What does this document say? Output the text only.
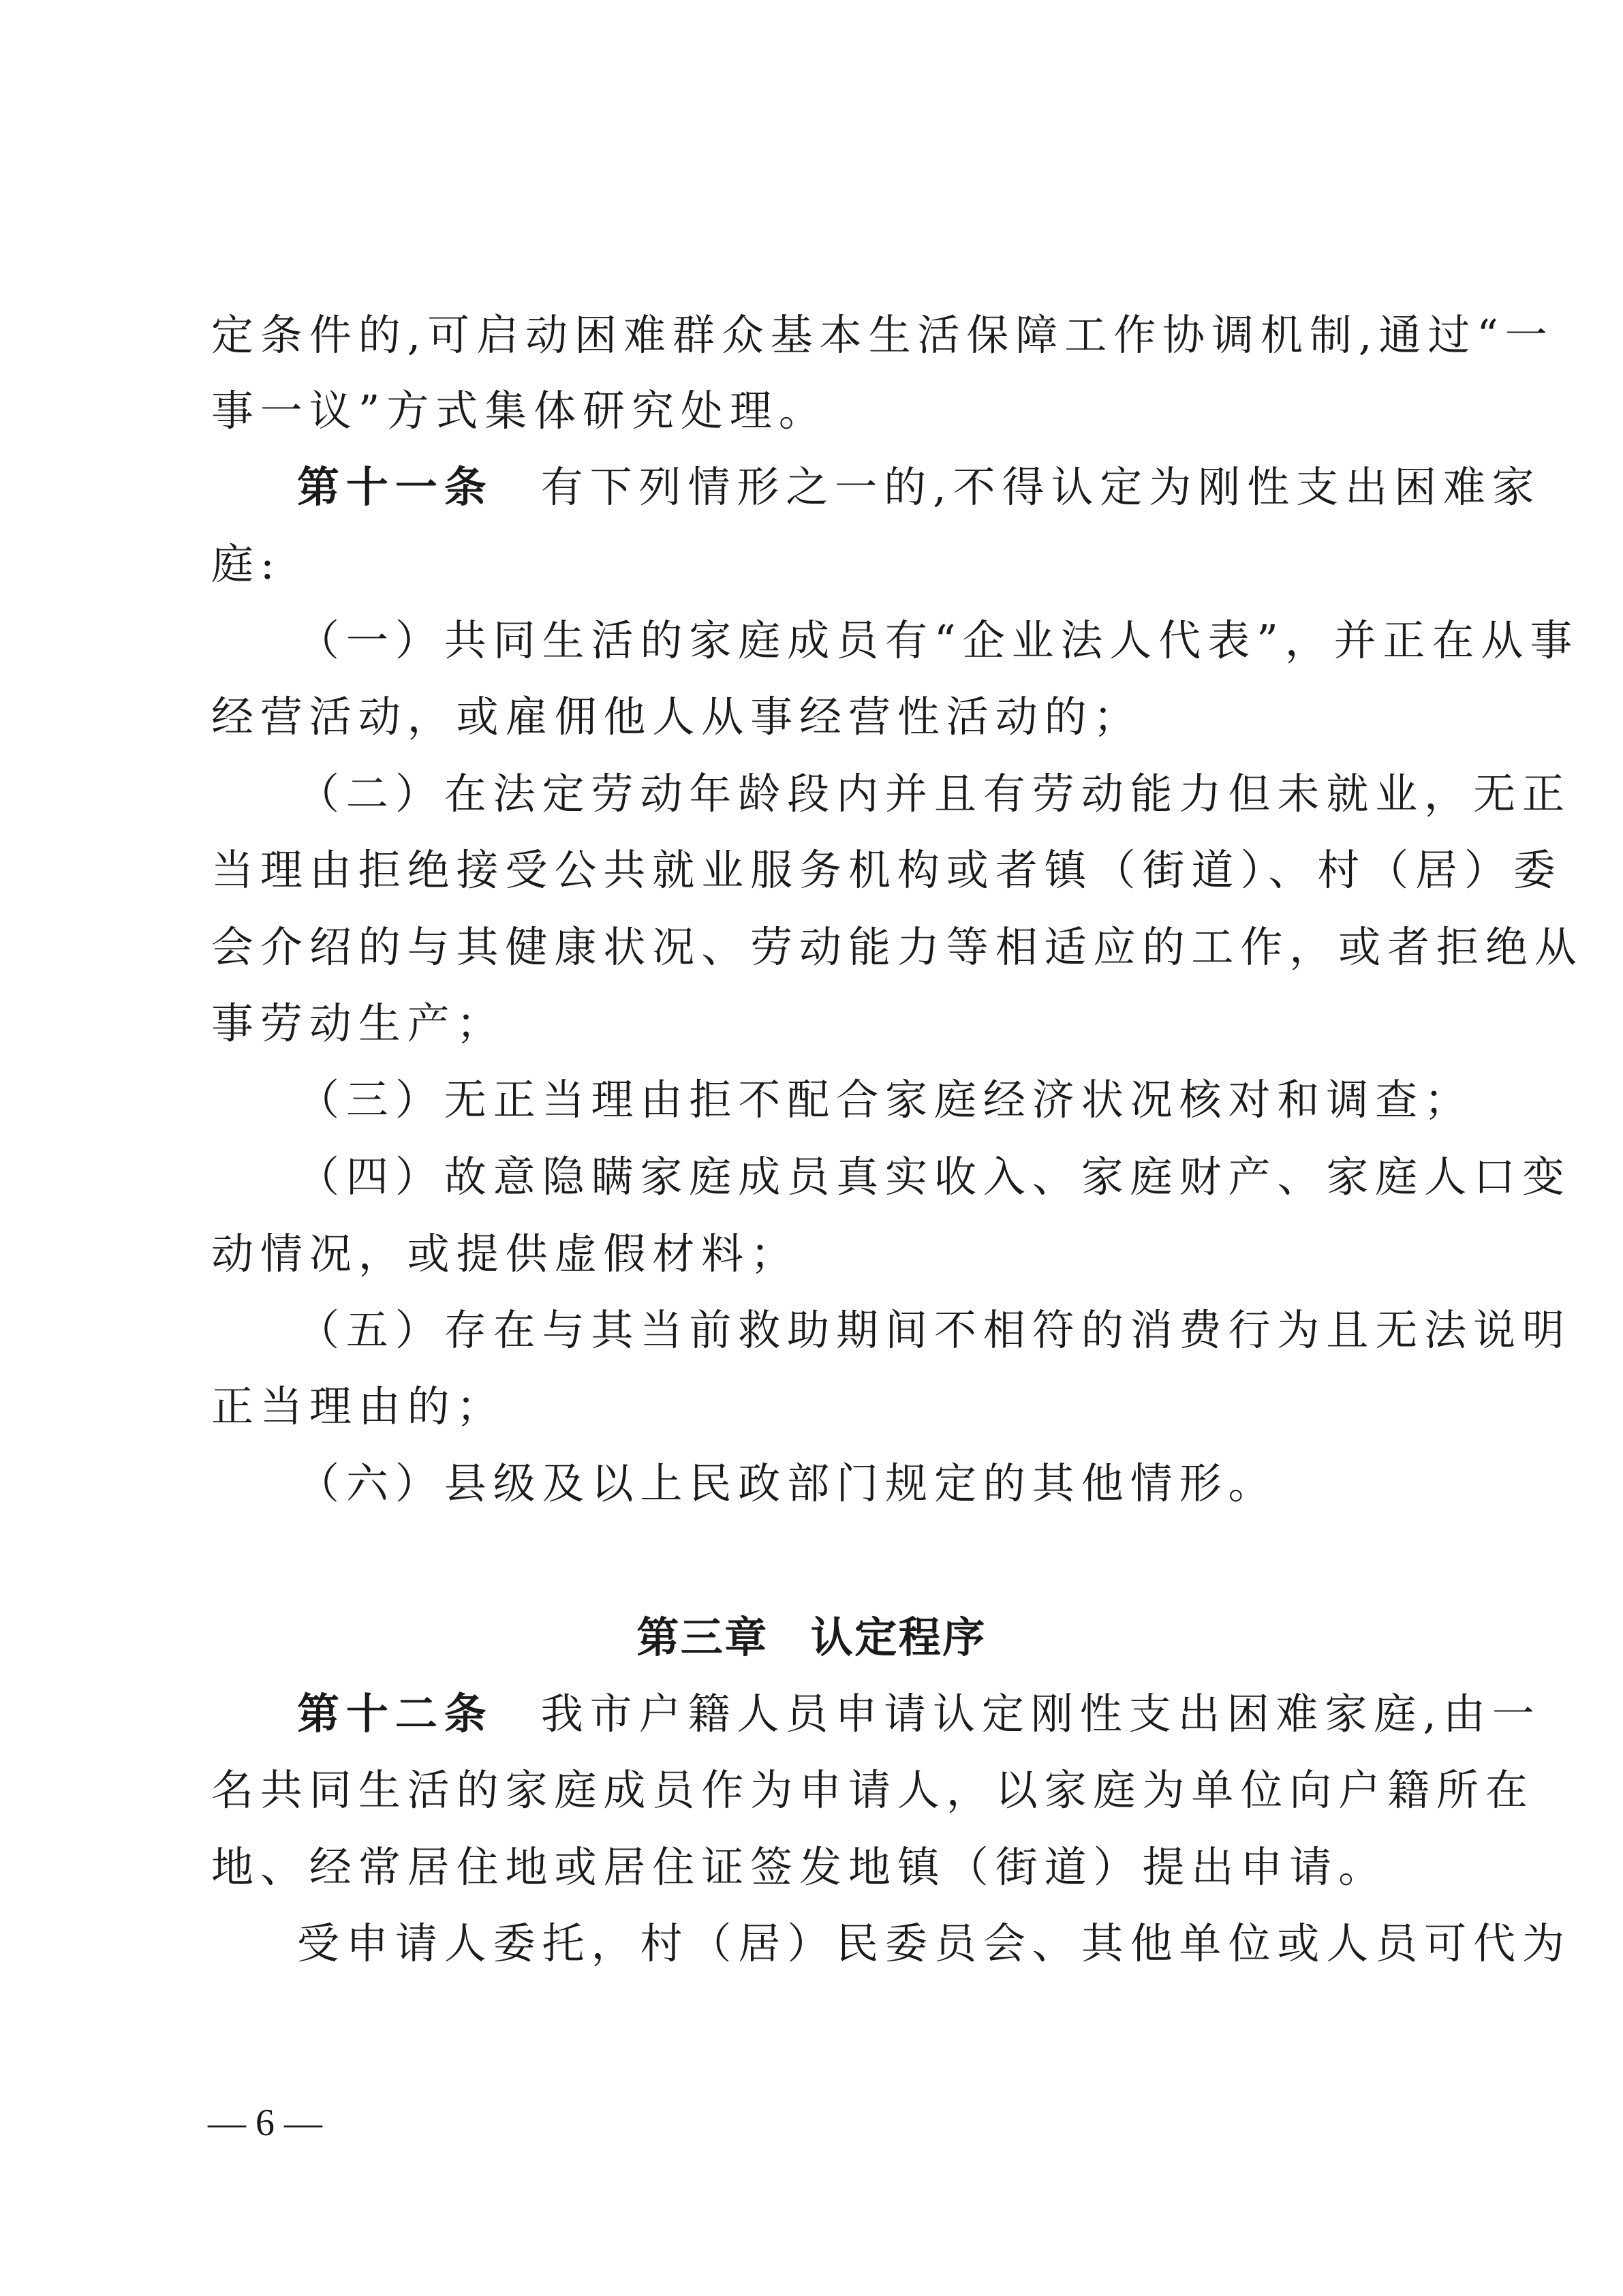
定条件的,可启动困难群众基本生活保障工作协调机制,通过“一
事一议”方式集体研究处理。
第十一条 有下列情形之一的,不得认定为刚性支出困难家
庭:
（一）共同生活的家庭成员有“企业法人代表”，并正在从事
经营活动，或雇佣他人从事经营性活动的；
（二）在法定劳动年龄段内并且有劳动能力但未就业，无正
当理由拒绝接受公共就业服务机构或者镇（街道）、村（居）委
会介绍的与其健康状况、劳动能力等相适应的工作，或者拒绝从
事劳动生产；
（三）无正当理由拒不配合家庭经济状况核对和调查；
（四）故意隐瞒家庭成员真实收入、家庭财产、家庭人口变
动情况，或提供虚假材料；
（五）存在与其当前救助期间不相符的消费行为且无法说明
正当理由的；
（六）县级及以上民政部门规定的其他情形。
第三章 认定程序
第十二条 我市户籍人员申请认定刚性支出困难家庭,由一
名共同生活的家庭成员作为申请人，以家庭为单位向户籍所在
地、经常居住地或居住证签发地镇（街道）提出申请。
受申请人委托，村（居）民委员会、其他单位或人员可代为
— 6 —
